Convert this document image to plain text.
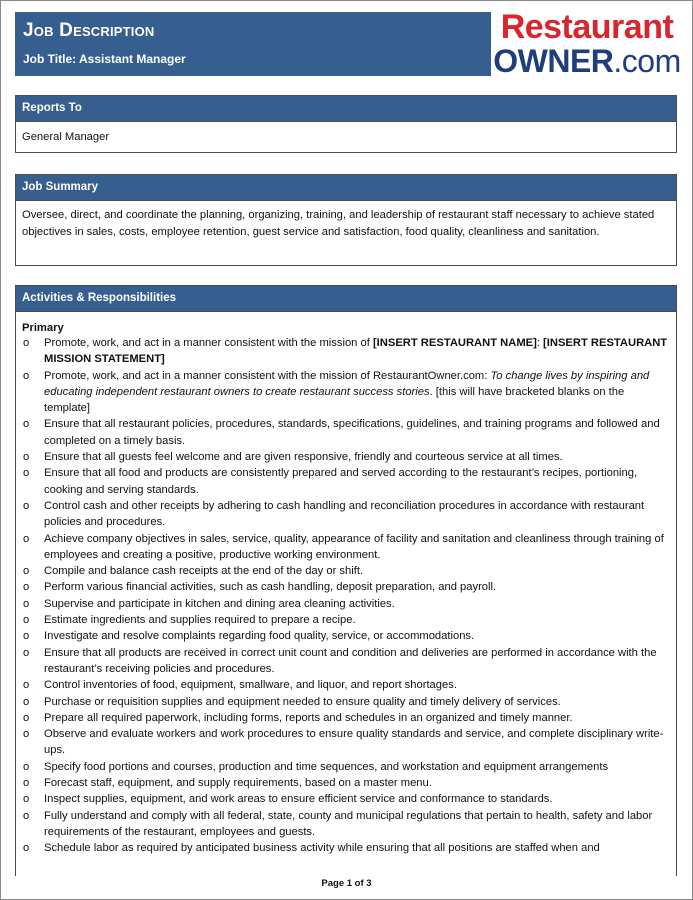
Job Description
Job Title: Assistant Manager
Restaurant
OWNER.com
Reports To
General Manager
Job Summary
Oversee, direct, and coordinate the planning, organizing, training, and leadership of restaurant staff necessary to achieve stated objectives in sales, costs, employee retention, guest service and satisfaction, food quality, cleanliness and sanitation.
Activities & Responsibilities
Primary
o Promote, work, and act in a manner consistent with the mission of [INSERT RESTAURANT NAME]: [INSERT RESTAURANT MISSION STATEMENT]
o Promote, work, and act in a manner consistent with the mission of RestaurantOwner.com: To change lives by inspiring and educating independent restaurant owners to create restaurant success stories. [this will have bracketed blanks on the template]
o Ensure that all restaurant policies, procedures, standards, specifications, guidelines, and training programs and followed and completed on a timely basis.
o Ensure that all guests feel welcome and are given responsive, friendly and courteous service at all times.
o Ensure that all food and products are consistently prepared and served according to the restaurant’s recipes, portioning, cooking and serving standards.
o Control cash and other receipts by adhering to cash handling and reconciliation procedures in accordance with restaurant policies and procedures.
o Achieve company objectives in sales, service, quality, appearance of facility and sanitation and cleanliness through training of employees and creating a positive, productive working environment.
o Compile and balance cash receipts at the end of the day or shift.
o Perform various financial activities, such as cash handling, deposit preparation, and payroll.
o Supervise and participate in kitchen and dining area cleaning activities.
o Estimate ingredients and supplies required to prepare a recipe.
o Investigate and resolve complaints regarding food quality, service, or accommodations.
o Ensure that all products are received in correct unit count and condition and deliveries are performed in accordance with the restaurant’s receiving policies and procedures.
o Control inventories of food, equipment, smallware, and liquor, and report shortages.
o Purchase or requisition supplies and equipment needed to ensure quality and timely delivery of services.
o Prepare all required paperwork, including forms, reports and schedules in an organized and timely manner.
o Observe and evaluate workers and work procedures to ensure quality standards and service, and complete disciplinary write-ups.
o Specify food portions and courses, production and time sequences, and workstation and equipment arrangements
o Forecast staff, equipment, and supply requirements, based on a master menu.
o Inspect supplies, equipment, and work areas to ensure efficient service and conformance to standards.
o Fully understand and comply with all federal, state, county and municipal regulations that pertain to health, safety and labor requirements of the restaurant, employees and guests.
o Schedule labor as required by anticipated business activity while ensuring that all positions are staffed when and
Page 1 of 3
